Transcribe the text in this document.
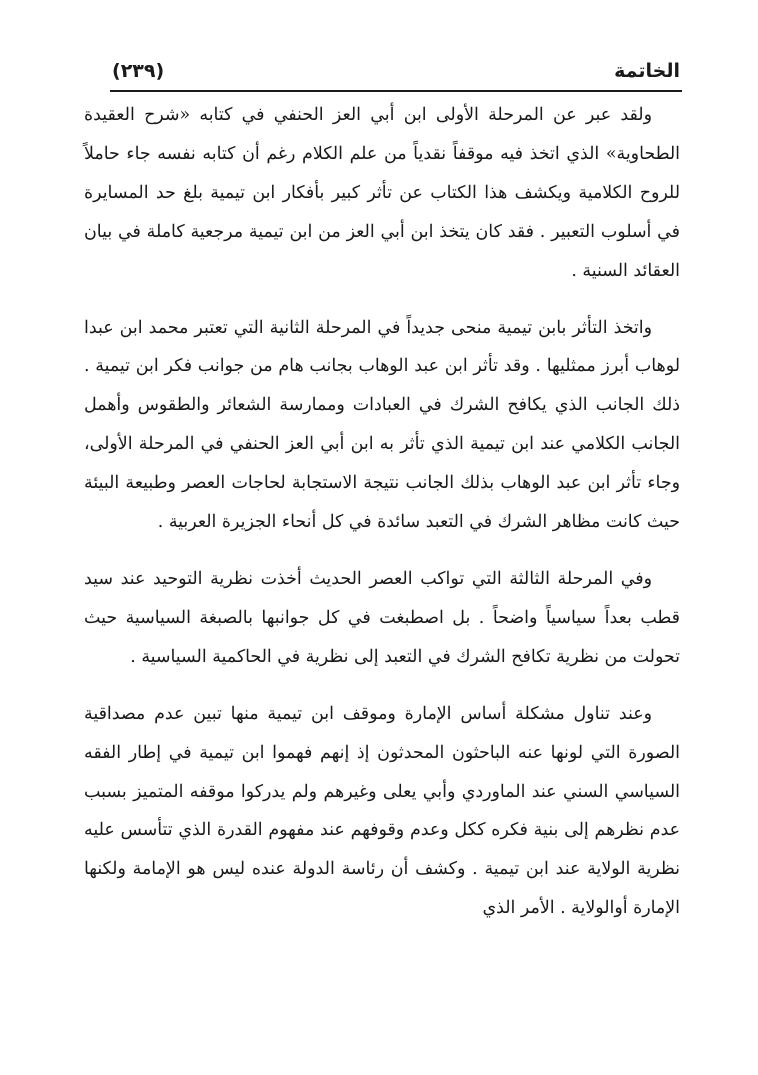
الخاتمة
(٢٣٩)

ولقد عبر عن المرحلة الأولى ابن أبي العز الحنفي في كتابه «شرح العقيدة الطحاوية» الذي اتخذ فيه موقفاً نقدياً من علم الكلام رغم أن كتابه نفسه جاء حاملاً للروح الكلامية ويكشف هذا الكتاب عن تأثر كبير بأفكار ابن تيمية بلغ حد المسايرة في أسلوب التعبير . فقد كان يتخذ ابن أبي العز من ابن تيمية مرجعية كاملة في بيان العقائد السنية .

واتخذ التأثر بابن تيمية منحى جديداً في المرحلة الثانية التي تعتبر محمد ابن عبدا لوهاب أبرز ممثليها . وقد تأثر ابن عبد الوهاب بجانب هام من جوانب فكر ابن تيمية . ذلك الجانب الذي يكافح الشرك في العبادات وممارسة الشعائر والطقوس وأهمل الجانب الكلامي عند ابن تيمية الذي تأثر به ابن أبي العز الحنفي في المرحلة الأولى، وجاء تأثر ابن عبد الوهاب بذلك الجانب نتيجة الاستجابة لحاجات العصر وطبيعة البيئة حيث كانت مظاهر الشرك في التعبد سائدة في كل أنحاء الجزيرة العربية .

وفي المرحلة الثالثة التي تواكب العصر الحديث أخذت نظرية التوحيد عند سيد قطب بعداً سياسياً واضحاً . بل اصطبغت في كل جوانبها بالصبغة السياسية حيث تحولت من نظرية تكافح الشرك في التعبد إلى نظرية في الحاكمية السياسية .

وعند تناول مشكلة أساس الإمارة وموقف ابن تيمية منها تبين عدم مصداقية الصورة التي لونها عنه الباحثون المحدثون إذ إنهم فهموا ابن تيمية في إطار الفقه السياسي السني عند الماوردي وأبي يعلى وغيرهم ولم يدركوا موقفه المتميز بسبب عدم نظرهم إلى بنية فكره ككل وعدم وقوفهم عند مفهوم القدرة الذي تتأسس عليه نظرية الولاية عند ابن تيمية . وكشف أن رئاسة الدولة عنده ليس هو الإمامة ولكنها الإمارة أوالولاية . الأمر الذي
